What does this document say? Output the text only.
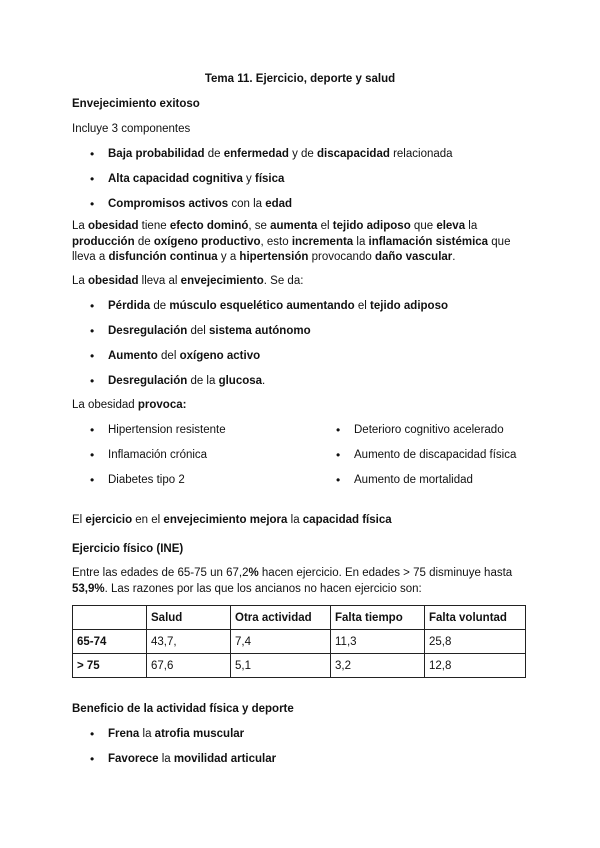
Tema 11. Ejercicio, deporte y salud
Envejecimiento exitoso
Incluye 3 componentes
• Baja probabilidad de enfermedad y de discapacidad relacionada
• Alta capacidad cognitiva y física
• Compromisos activos con la edad
La obesidad tiene efecto dominó, se aumenta el tejido adiposo que eleva la producción de oxígeno productivo, esto incrementa la inflamación sistémica que lleva a disfunción continua y a hipertensión provocando daño vascular.
La obesidad lleva al envejecimiento. Se da:
• Pérdida de músculo esquelético aumentando el tejido adiposo
• Desregulación del sistema autónomo
• Aumento del oxígeno activo
• Desregulación de la glucosa.
La obesidad provoca:
• Hipertension resistente
• Inflamación crónica
• Diabetes tipo 2
• Deterioro cognitivo acelerado
• Aumento de discapacidad física
• Aumento de mortalidad
El ejercicio en el envejecimiento mejora la capacidad física
Ejercicio físico (INE)
Entre las edades de 65-75 un 67,2% hacen ejercicio. En edades > 75 disminuye hasta 53,9%. Las razones por las que los ancianos no hacen ejercicio son:
	Salud	Otra actividad	Falta tiempo	Falta voluntad
65-74	43,7,	7,4	11,3	25,8
> 75	67,6	5,1	3,2	12,8
Beneficio de la actividad física y deporte
• Frena la atrofia muscular
• Favorece la movilidad articular
